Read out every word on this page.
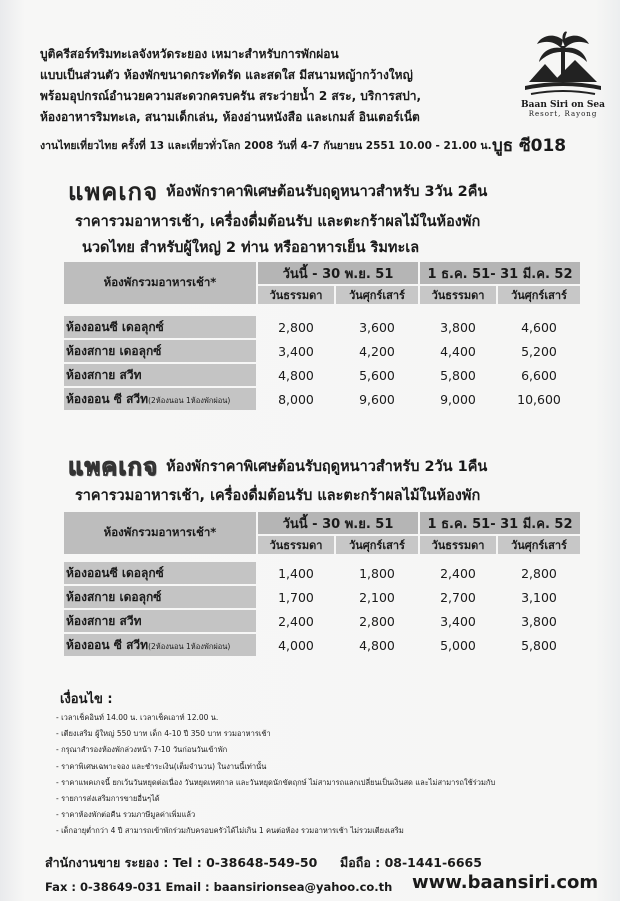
บูติครีสอร์ทริมทะเลจังหวัดระยอง เหมาะสำหรับการพักผ่อน
แบบเป็นส่วนตัว ห้องพักขนาดกระทัดรัด และสดใส มีสนามหญ้ากว้างใหญ่
พร้อมอุปกรณ์อำนวยความสะดวกครบครัน สระว่ายน้ำ 2 สระ, บริการสปา,
ห้องอาหารริมทะเล, สนามเด็กเล่น, ห้องอ่านหนังสือ และเกมส์ อินเตอร์เน็ต
Baan Siri on Sea
Resort, Rayong
งานไทยเที่ยวไทย ครั้งที่ 13 และเที่ยวทั่วโลก 2008 วันที่ 4-7 กันยายน 2551 10.00 - 21.00 น. บูธ ซี018
แพคเกจ ห้องพักราคาพิเศษต้อนรับฤดูหนาวสำหรับ 3วัน 2คืน
ราคารวมอาหารเช้า, เครื่องดื่มต้อนรับ และตะกร้าผลไม้ในห้องพัก
นวดไทย สำหรับผู้ใหญ่ 2 ท่าน หรืออาหารเย็น ริมทะเล
ห้องพักรวมอาหารเช้า*	วันนี้ - 30 พ.ย. 51		1 ธ.ค. 51- 31 มี.ค. 52	
	วันธรรมดา	วันศุกร์เสาร์	วันธรรมดา	วันศุกร์เสาร์

ห้องออนซี เดอลุกซ์	2,800	3,600	3,800	4,600
ห้องสกาย เดอลุกซ์	3,400	4,200	4,400	5,200
ห้องสกาย สวีท	4,800	5,600	5,800	6,600
ห้องออน ซี สวีท(2ห้องนอน 1ห้องพักผ่อน)	8,000	9,600	9,000	10,600
แพคเกจ ห้องพักราคาพิเศษต้อนรับฤดูหนาวสำหรับ 2วัน 1คืน
ราคารวมอาหารเช้า, เครื่องดื่มต้อนรับ และตะกร้าผลไม้ในห้องพัก
ห้องพักรวมอาหารเช้า*	วันนี้ - 30 พ.ย. 51		1 ธ.ค. 51- 31 มี.ค. 52	
	วันธรรมดา	วันศุกร์เสาร์	วันธรรมดา	วันศุกร์เสาร์

ห้องออนซี เดอลุกซ์	1,400	1,800	2,400	2,800
ห้องสกาย เดอลุกซ์	1,700	2,100	2,700	3,100
ห้องสกาย สวีท	2,400	2,800	3,400	3,800
ห้องออน ซี สวีท(2ห้องนอน 1ห้องพักผ่อน)	4,000	4,800	5,000	5,800
เงื่อนไข :
- เวลาเช็คอินท์ 14.00 น. เวลาเช็คเอาท์ 12.00 น.
- เตียงเสริม ผู้ใหญ่ 550 บาท เด็ก 4-10 ปี 350 บาท รวมอาหารเช้า
- กรุณาสำรองห้องพักล่วงหน้า 7-10 วันก่อนวันเข้าพัก
- ราคาพิเศษเฉพาะจอง และชำระเงิน(เต็มจำนวน) ในงานนี้เท่านั้น
- ราคาแพคเกจนี้ ยกเว้นวันหยุดต่อเนื่อง วันหยุดเทศกาล และวันหยุดนักขัตฤกษ์ ไม่สามารถแลกเปลี่ยนเป็นเงินสด และไม่สามารถใช้ร่วมกับ
- รายการส่งเสริมการขายอื่นๆได้
- ราคาห้องพักต่อคืน รวมภาษีมูลค่าเพิ่มแล้ว
- เด็กอายุต่ำกว่า 4 ปี สามารถเข้าพักร่วมกับครอบครัวได้ไม่เกิน 1 คนต่อห้อง รวมอาหารเช้า ไม่รวมเตียงเสริม
สำนักงานขาย ระยอง : Tel : 0-38648-549-50 มือถือ : 08-1441-6665
Fax : 0-38649-031 Email : baansirionsea@yahoo.co.th www.baansiri.com
